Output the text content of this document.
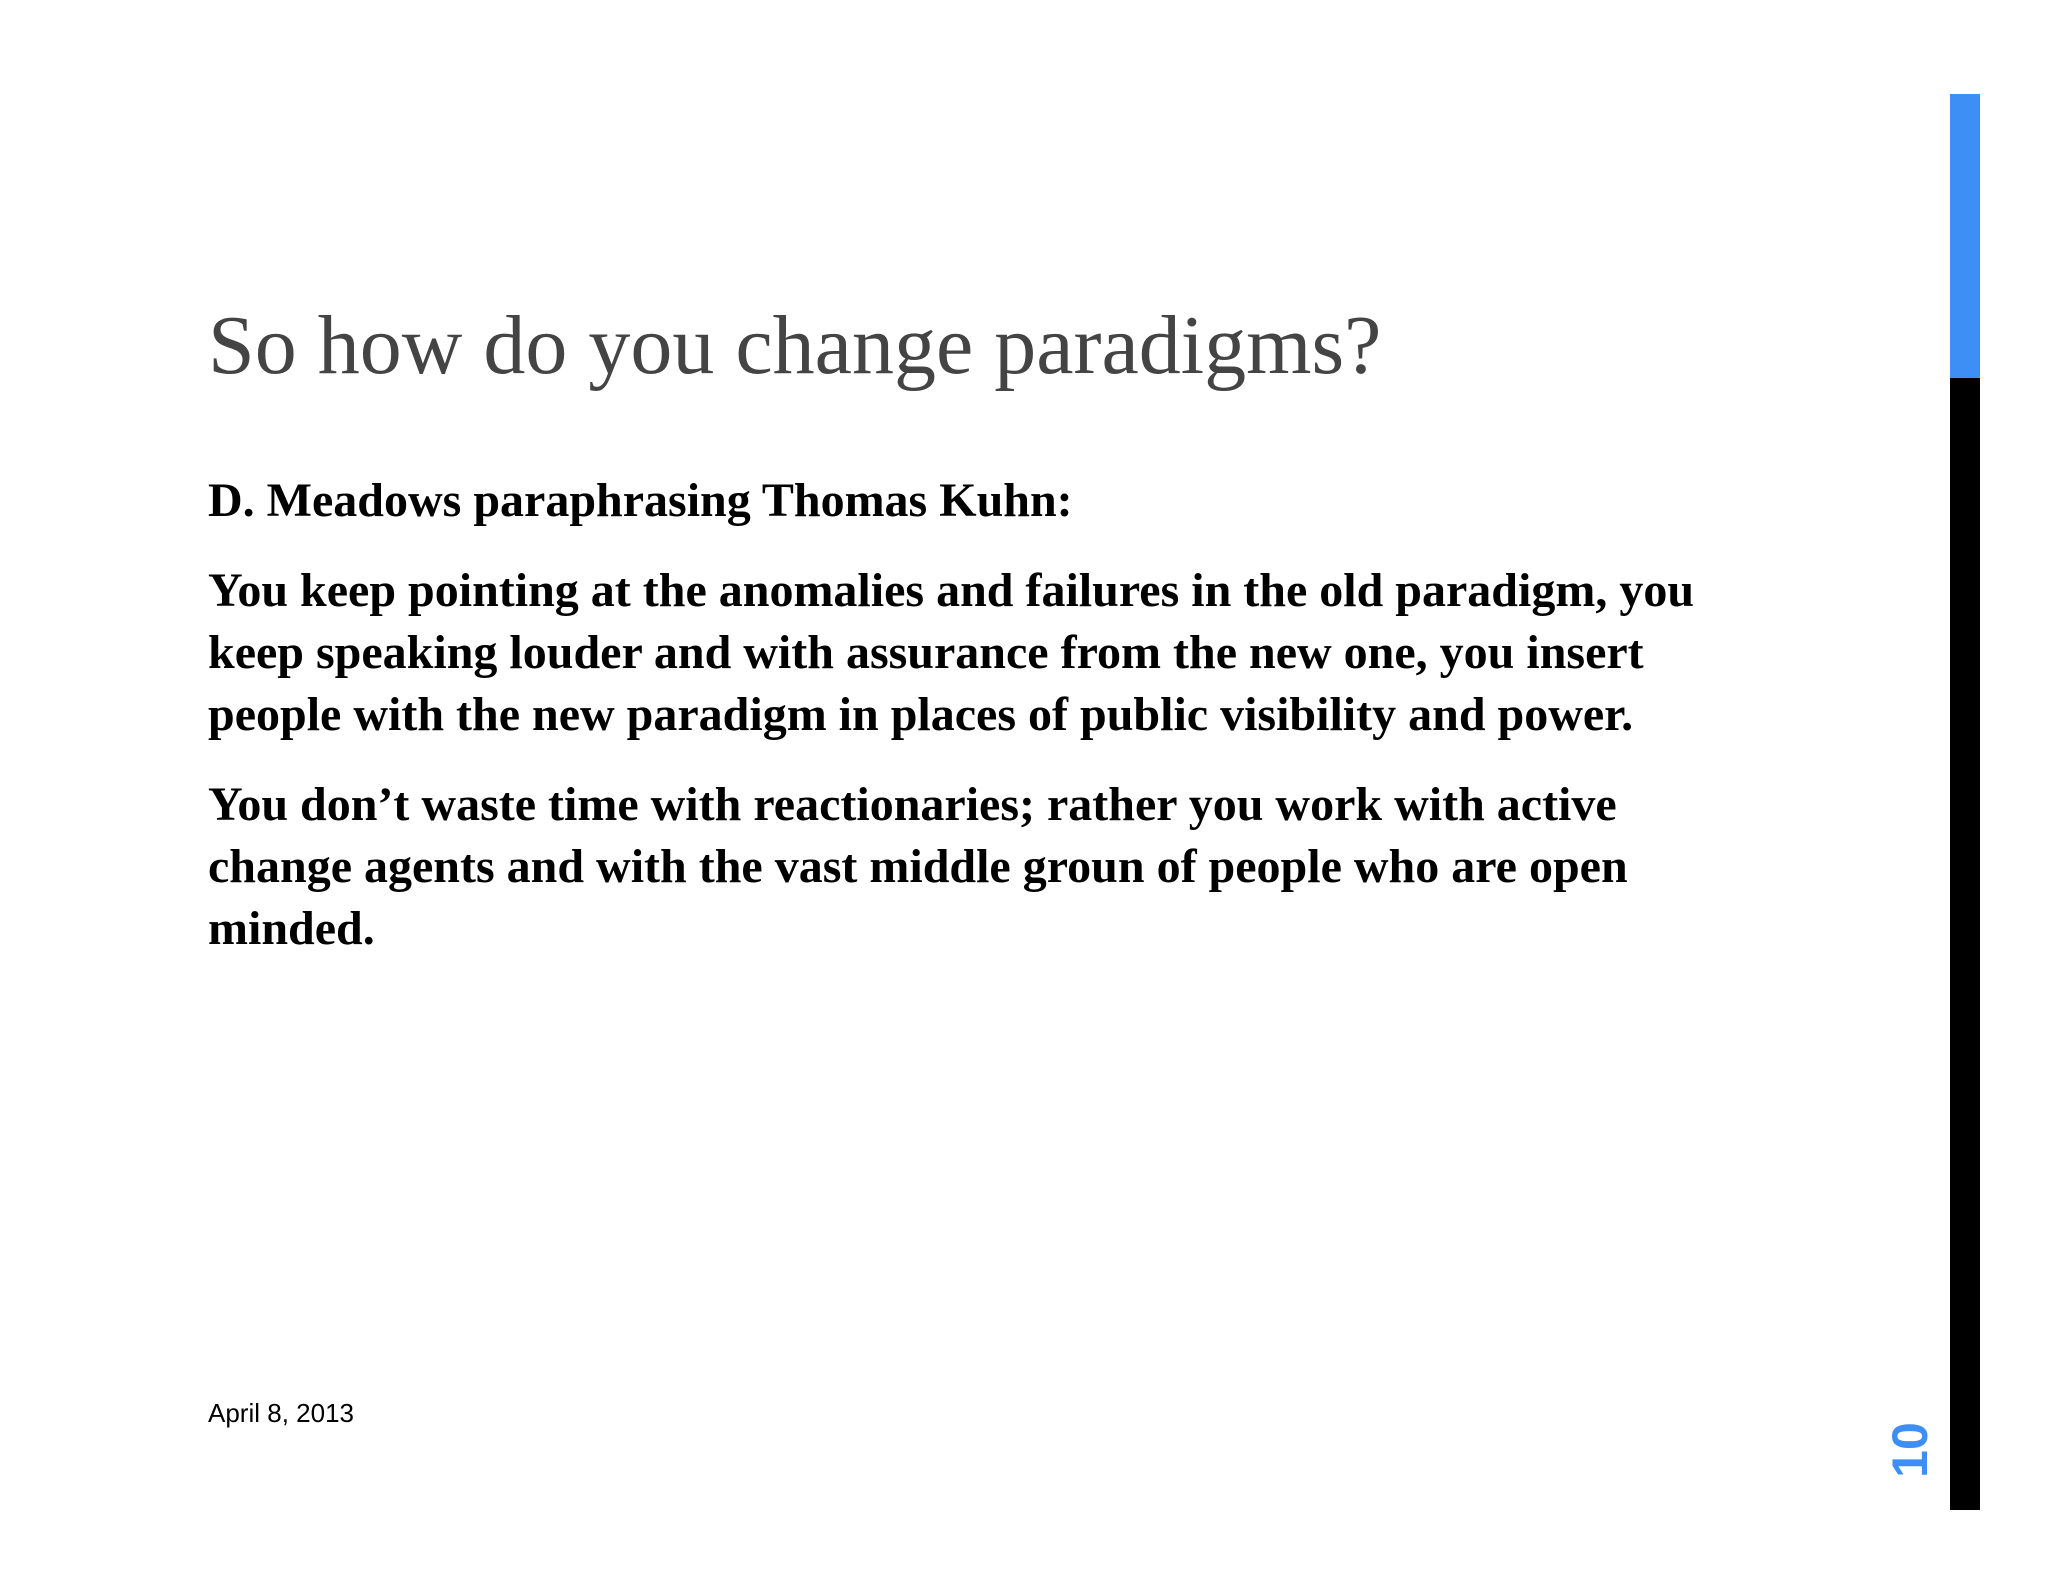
So how do you change paradigms?

D. Meadows paraphrasing Thomas Kuhn:

You keep pointing at the anomalies and failures in the old paradigm, you keep speaking louder and with assurance from the new one, you insert people with the new paradigm in places of public visibility and power.

You don’t waste time with reactionaries; rather you work with active change agents and with the vast middle groun of people who are open minded.

April 8, 2013
10
